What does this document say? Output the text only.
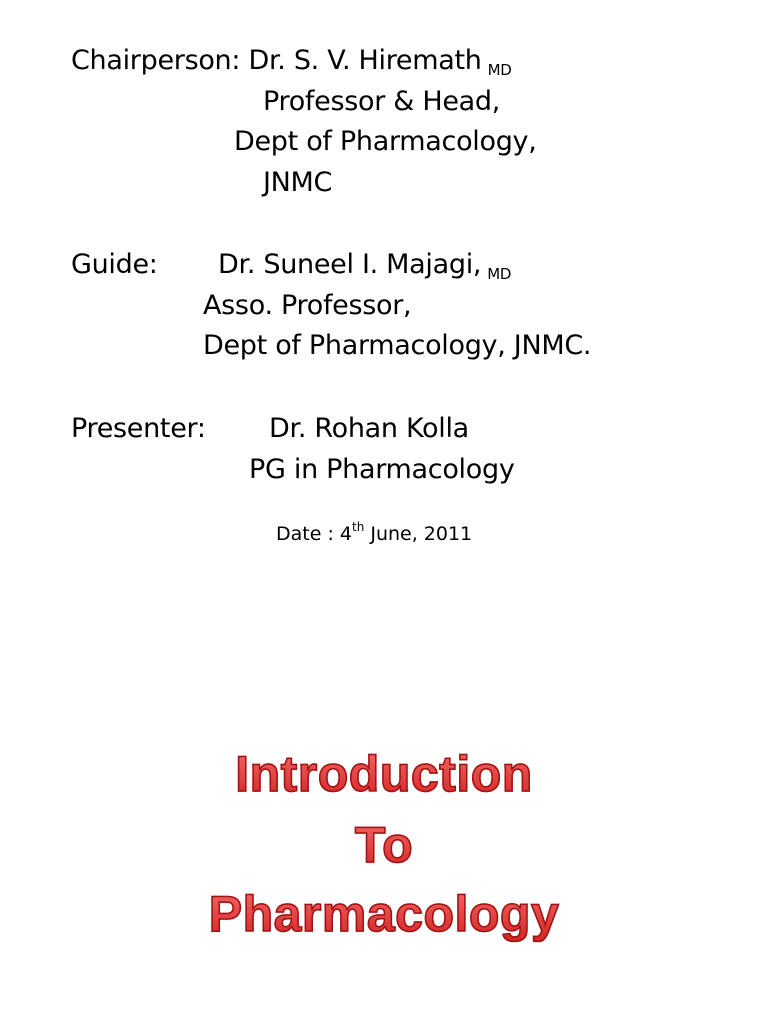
Chairperson: Dr. S. V. Hiremath $_{MD}$
Professor & Head,
Dept of Pharmacology,
JNMC
Guide: Dr. Suneel I. Majagi, $_{MD}$
Asso. Professor,
Dept of Pharmacology, JNMC.
Presenter: Dr. Rohan Kolla
PG in Pharmacology
Date : 4th June, 2011
Introduction
To
Pharmacology
